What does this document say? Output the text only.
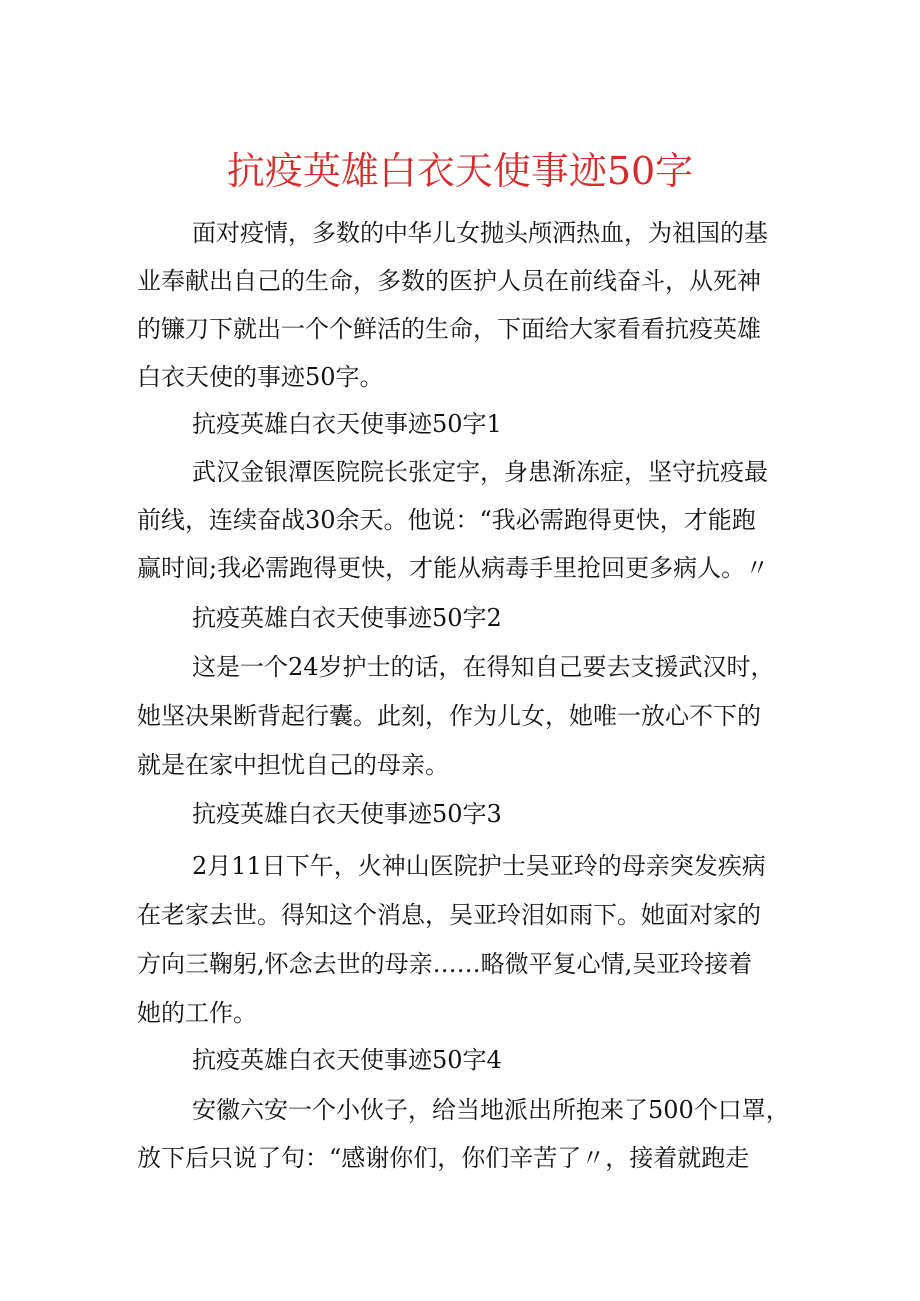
抗疫英雄白衣天使事迹50字
面对疫情，多数的中华儿女抛头颅洒热血，为祖国的基
业奉献出自己的生命，多数的医护人员在前线奋斗，从死神
的镰刀下就出一个个鲜活的生命，下面给大家看看抗疫英雄
白衣天使的事迹50字。
抗疫英雄白衣天使事迹50字1
武汉金银潭医院院长张定宇，身患渐冻症，坚守抗疫最
前线，连续奋战30余天。他说：“我必需跑得更快，才能跑
赢时间;我必需跑得更快，才能从病毒手里抢回更多病人。〃
抗疫英雄白衣天使事迹50字2
这是一个24岁护士的话，在得知自己要去支援武汉时，
她坚决果断背起行囊。此刻，作为儿女，她唯一放心不下的
就是在家中担忧自己的母亲。
抗疫英雄白衣天使事迹50字3
2月11日下午，火神山医院护士吴亚玲的母亲突发疾病
在老家去世。得知这个消息，吴亚玲泪如雨下。她面对家的
方向三鞠躬,怀念去世的母亲……略微平复心情,吴亚玲接着
她的工作。
抗疫英雄白衣天使事迹50字4
安徽六安一个小伙子，给当地派出所抱来了500个口罩，
放下后只说了句：“感谢你们，你们辛苦了〃，接着就跑走
